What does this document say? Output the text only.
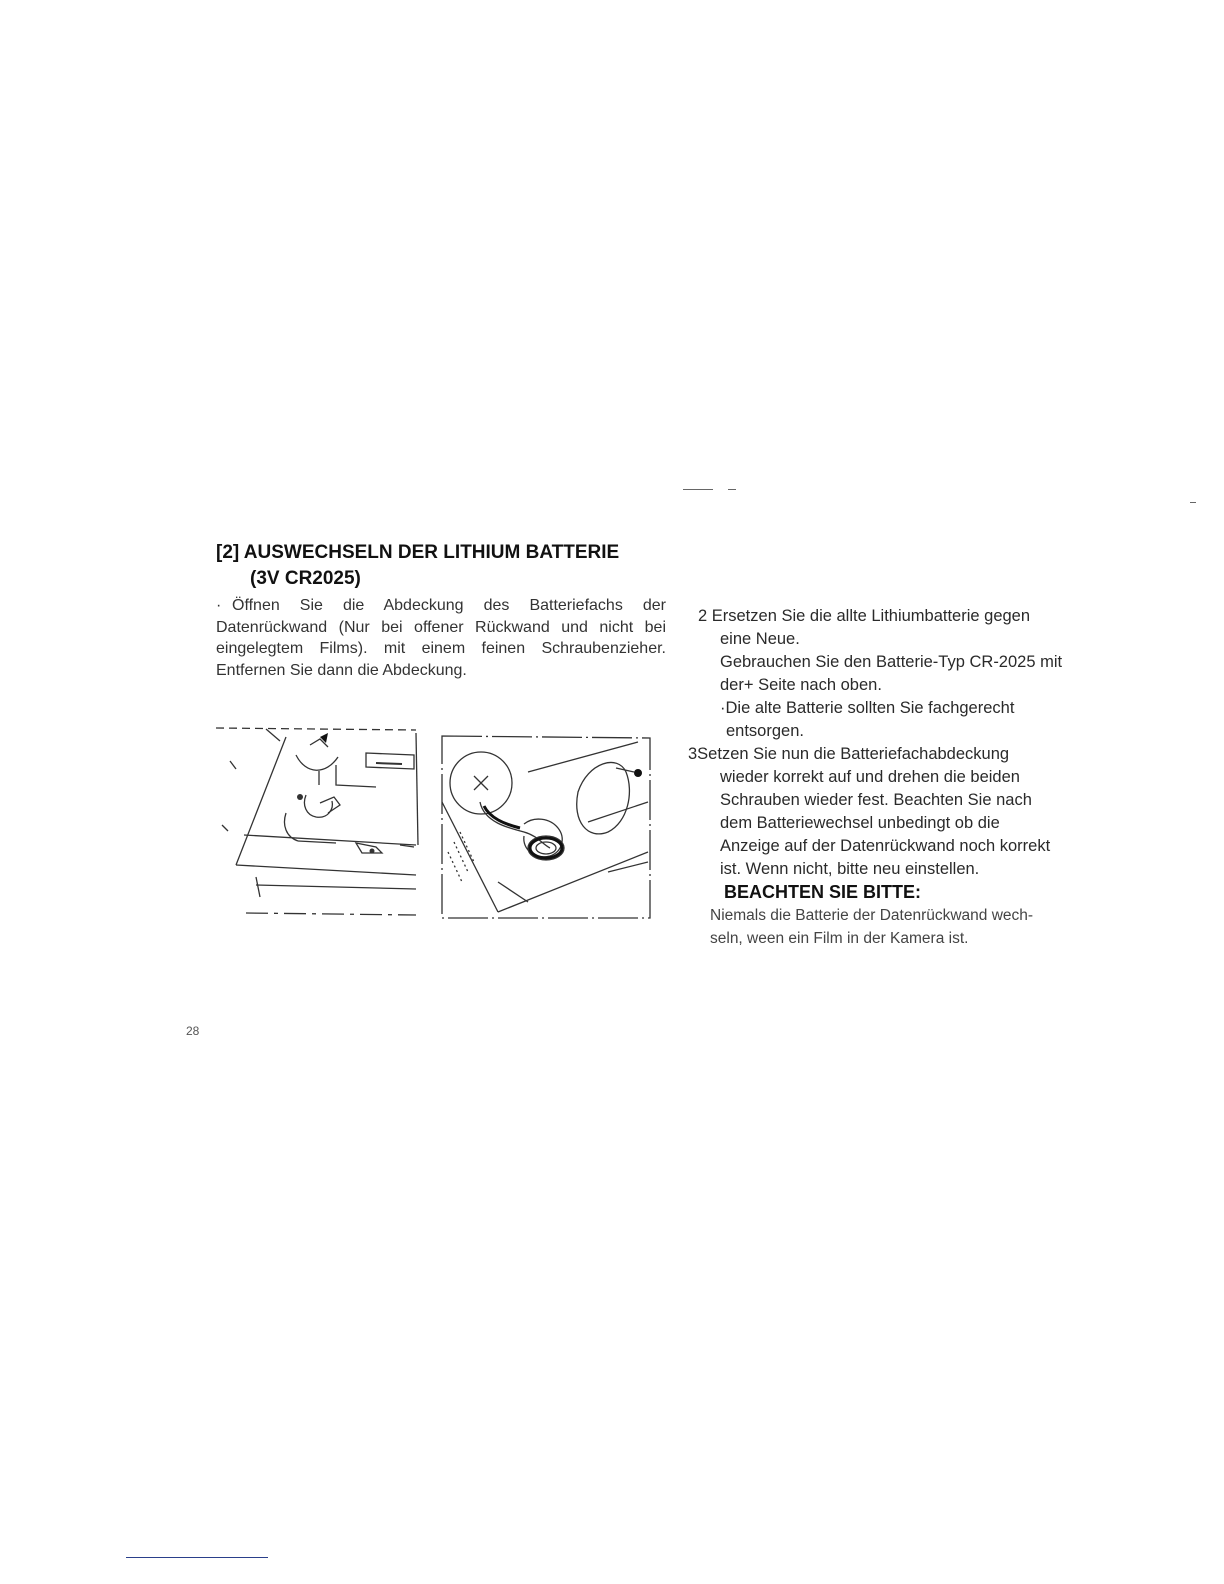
[2] AUSWECHSELN DER LITHIUM BATTERIE
(3V CR2025)
· Öffnen Sie die Abdeckung des Batteriefachs der Datenrückwand (Nur bei offener Rückwand und nicht bei eingelegtem Films). mit einem feinen Schraubenzieher. Entfernen Sie dann die Abdeckung.

2 Ersetzen Sie die allte Lithiumbatterie gegen

eine Neue.

Gebrauchen Sie den Batterie-Typ CR-2025 mit

der+ Seite nach oben.

·Die alte Batterie sollten Sie fachgerecht

entsorgen.

3Setzen Sie nun die Batteriefachabdeckung

wieder korrekt auf und drehen die beiden

Schrauben wieder fest. Beachten Sie nach

dem Batteriewechsel unbedingt ob die

Anzeige auf der Datenrückwand noch korrekt

ist. Wenn nicht, bitte neu einstellen.

BEACHTEN SIE BITTE:

Niemals die Batterie der Datenrückwand wech-

seln, ween ein Film in der Kamera ist.

28
